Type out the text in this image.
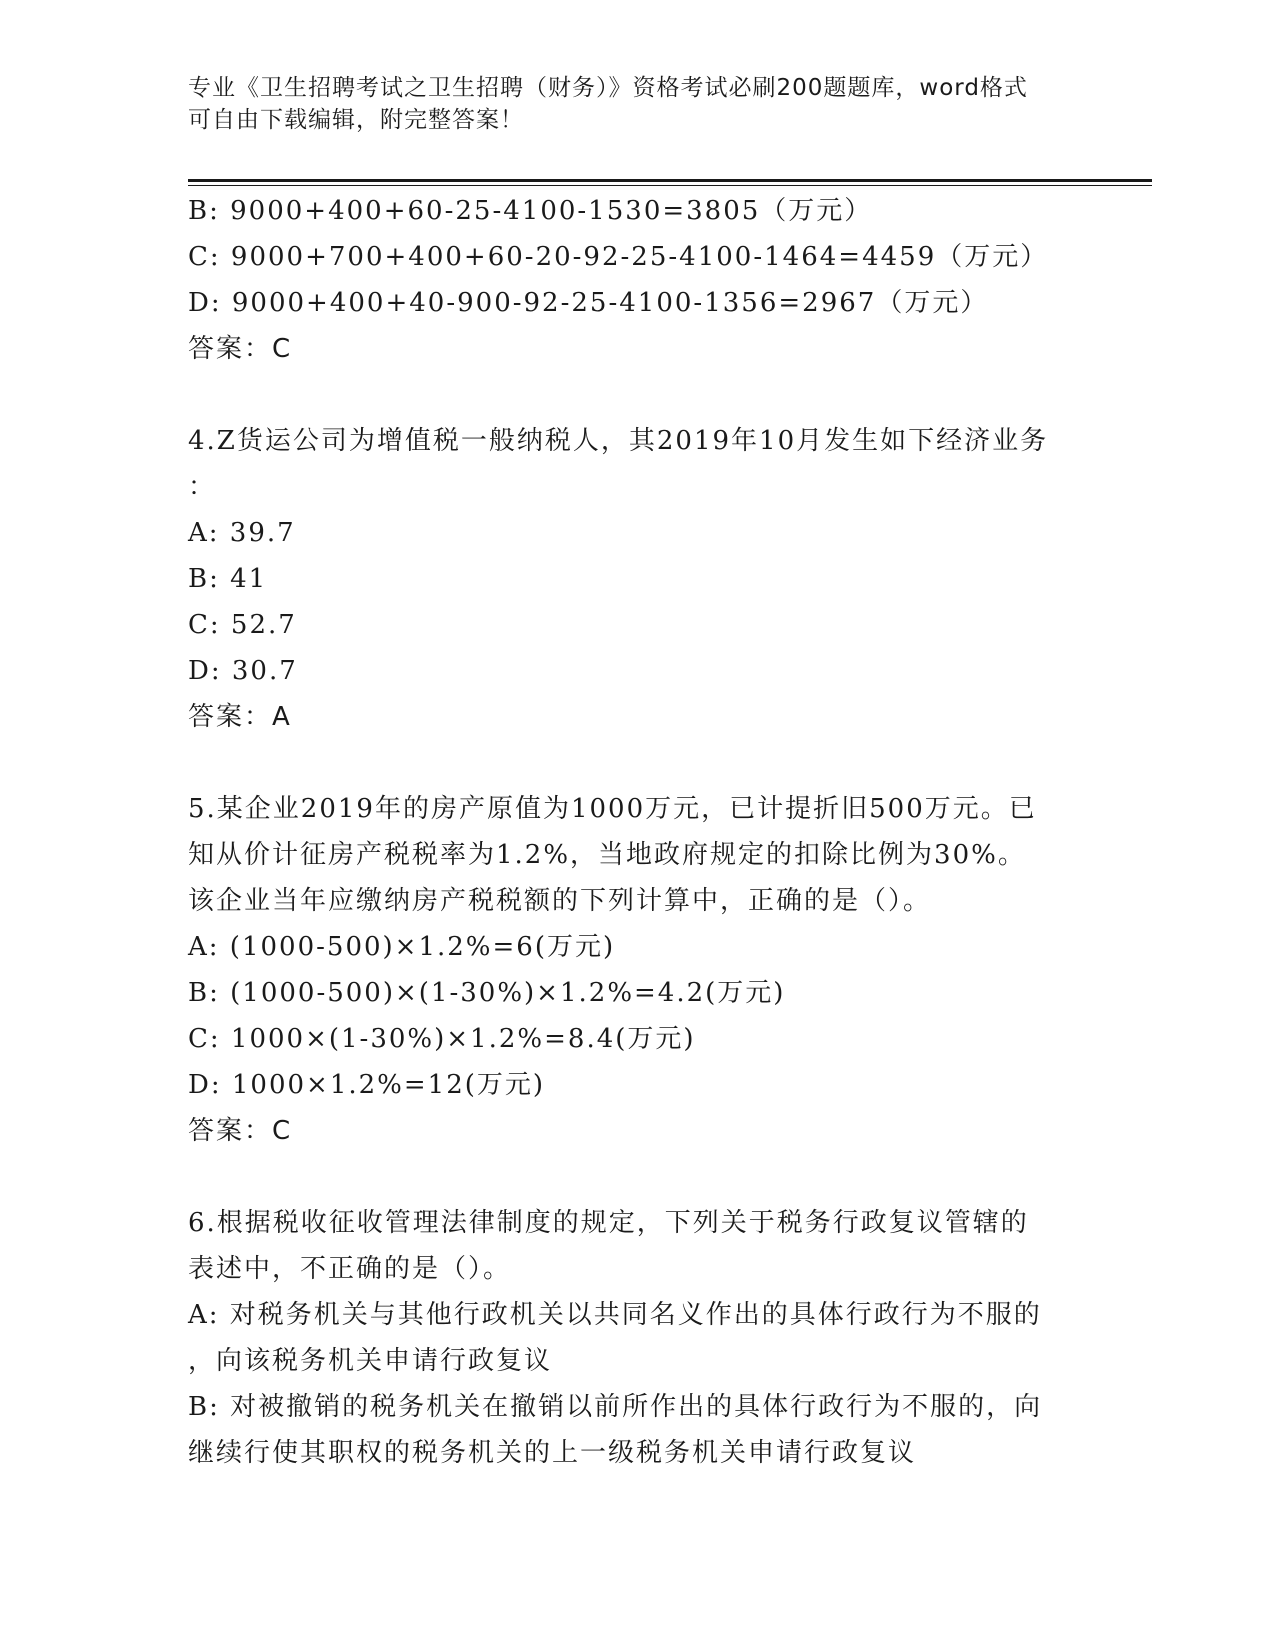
专业《卫生招聘考试之卫生招聘（财务）》资格考试必刷200题题库，word格式
可自由下载编辑，附完整答案！
B: 9000+400+60-25-4100-1530=3805（万元）
C: 9000+700+400+60-20-92-25-4100-1464=4459（万元）
D: 9000+400+40-900-92-25-4100-1356=2967（万元）
答案：C
4.Z货运公司为增值税一般纳税人，其2019年10月发生如下经济业务
：
A: 39.7
B: 41
C: 52.7
D: 30.7
答案：A
5.某企业2019年的房产原值为1000万元，已计提折旧500万元。已
知从价计征房产税税率为1.2%，当地政府规定的扣除比例为30%。
该企业当年应缴纳房产税税额的下列计算中，正确的是（）。
A: (1000-500)×1.2%=6(万元)
B: (1000-500)×(1-30%)×1.2%=4.2(万元)
C: 1000×(1-30%)×1.2%=8.4(万元)
D: 1000×1.2%=12(万元)
答案：C
6.根据税收征收管理法律制度的规定，下列关于税务行政复议管辖的
表述中，不正确的是（）。
A: 对税务机关与其他行政机关以共同名义作出的具体行政行为不服的
，向该税务机关申请行政复议
B: 对被撤销的税务机关在撤销以前所作出的具体行政行为不服的，向
继续行使其职权的税务机关的上一级税务机关申请行政复议
